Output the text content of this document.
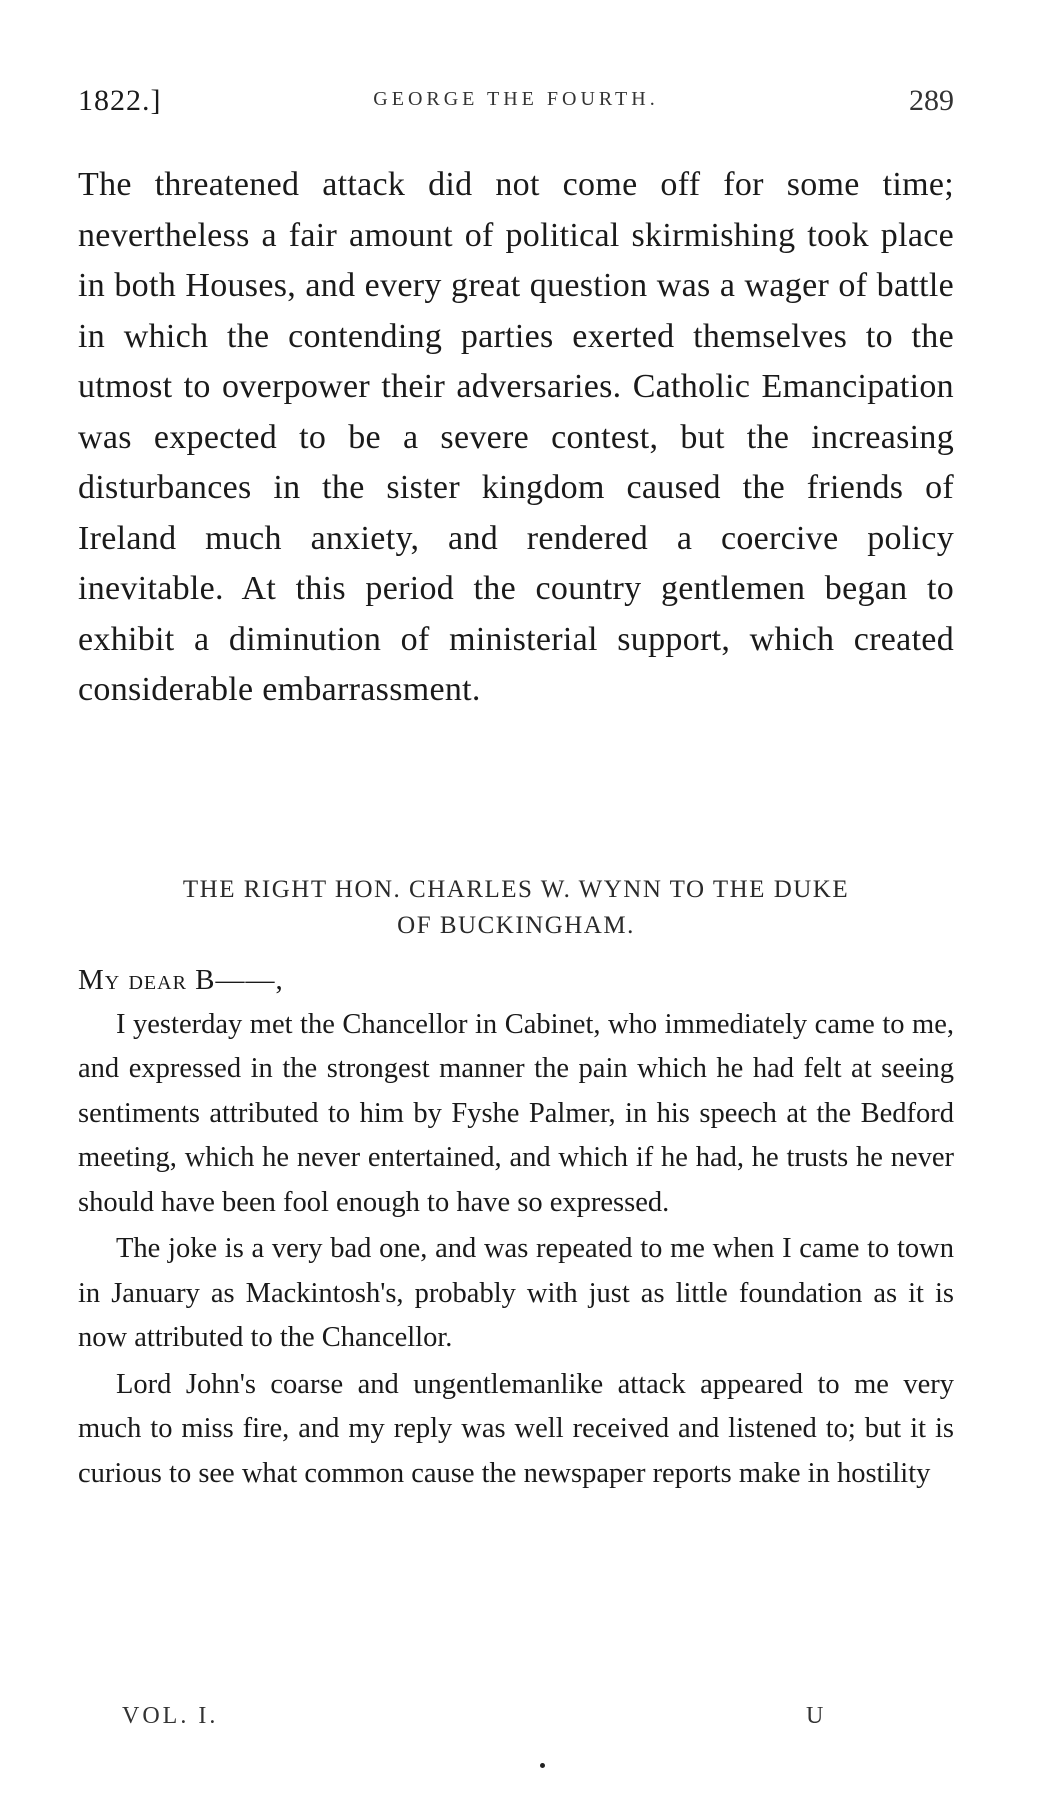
1822.]	GEORGE THE FOURTH.	289

The threatened attack did not come off for some time; nevertheless a fair amount of political skirmishing took place in both Houses, and every great question was a wager of battle in which the contending parties exerted themselves to the utmost to overpower their adversaries. Catholic Emancipation was expected to be a severe contest, but the increasing disturbances in the sister kingdom caused the friends of Ireland much anxiety, and rendered a coercive policy inevitable. At this period the country gentlemen began to exhibit a diminution of ministerial support, which created considerable embarrassment.

THE RIGHT HON. CHARLES W. WYNN TO THE DUKE
OF BUCKINGHAM.
My dear B——,

I yesterday met the Chancellor in Cabinet, who immediately came to me, and expressed in the strongest manner the pain which he had felt at seeing sentiments attributed to him by Fyshe Palmer, in his speech at the Bedford meeting, which he never entertained, and which if he had, he trusts he never should have been fool enough to have so expressed.

The joke is a very bad one, and was repeated to me when I came to town in January as Mackintosh's, probably with just as little foundation as it is now attributed to the Chancellor.

Lord John's coarse and ungentlemanlike attack appeared to me very much to miss fire, and my reply was well received and listened to; but it is curious to see what common cause the newspaper reports make in hostility

VOL. I.	U
